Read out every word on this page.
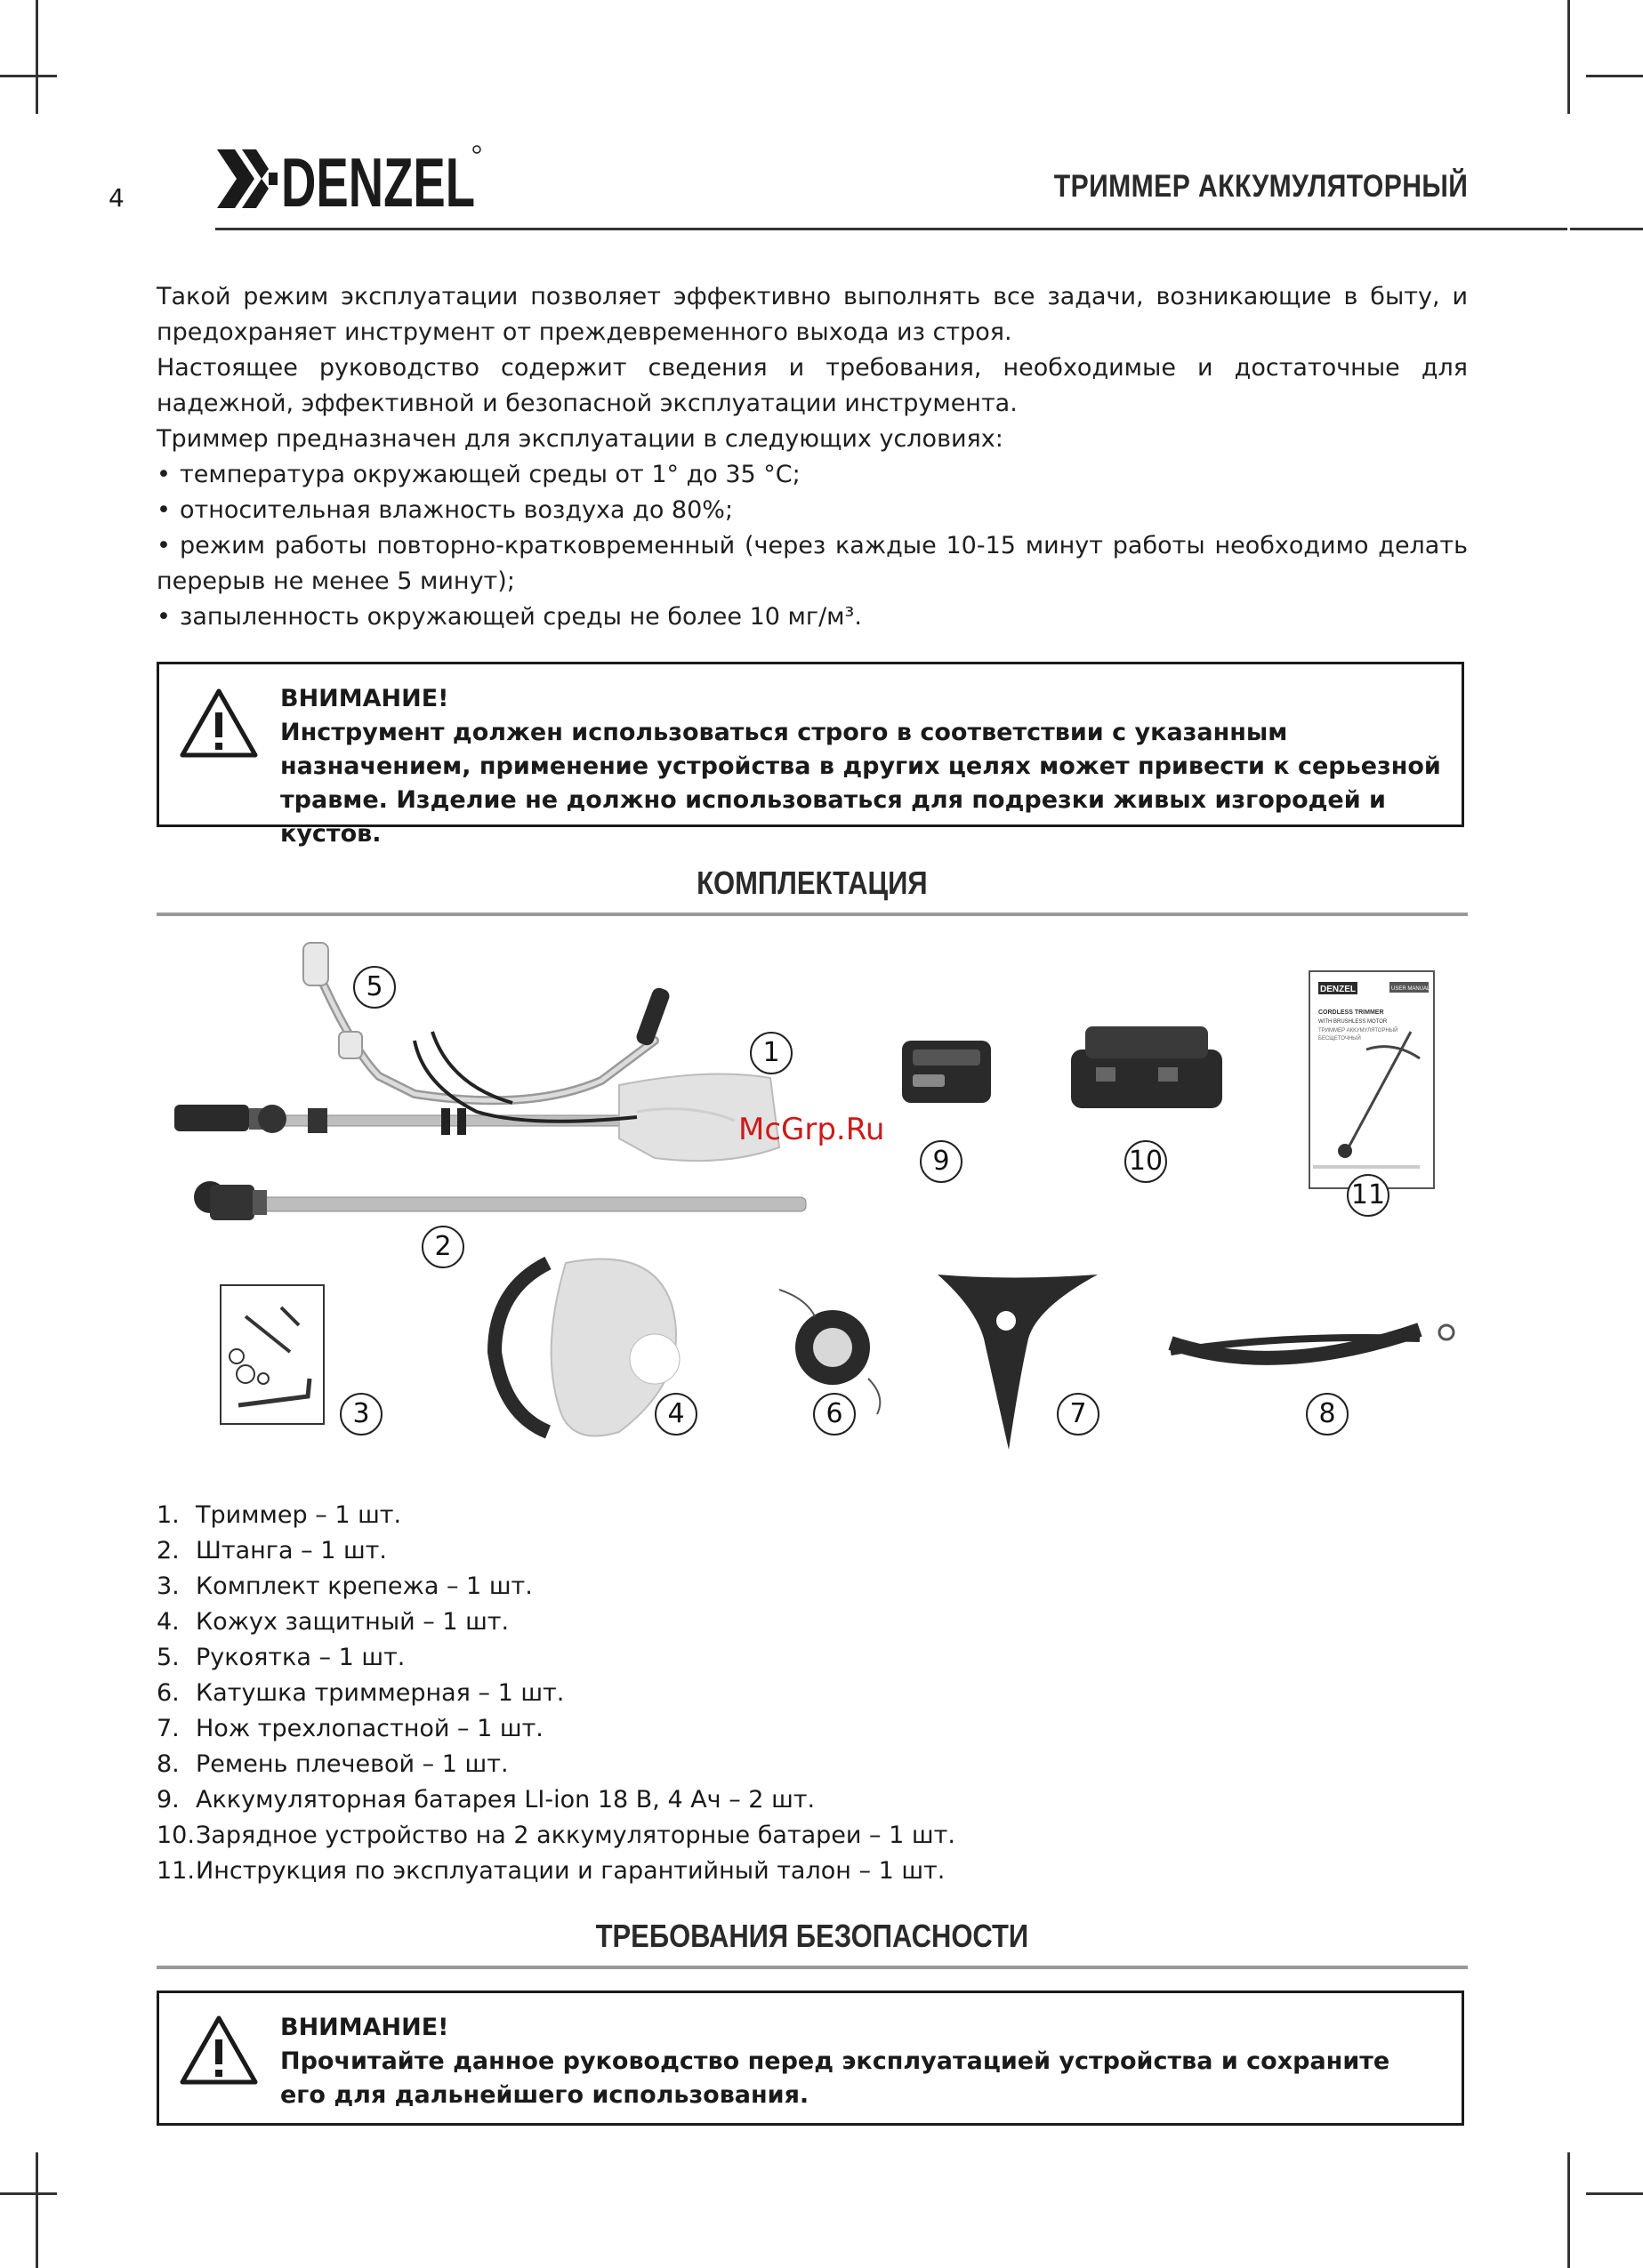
4 DENZEL	ТРИММЕР АККУМУЛЯТОРНЫЙ

Такой режим эксплуатации позволяет эффективно выполнять все задачи, возникающие в быту, и предохраняет инструмент от преждевременного выхода из строя.

Настоящее руководство содержит сведения и требования, необходимые и достаточные для надежной, эффективной и безопасной эксплуатации инструмента.

Триммер предназначен для эксплуатации в следующих условиях:

• температура окружающей среды от 1° до 35 °С;

• относительная влажность воздуха до 80%;

• режим работы повторно-кратковременный (через каждые 10-15 минут работы необходимо делать перерыв не менее 5 минут);

• запыленность окружающей среды не более 10 мг/м³.

ВНИМАНИЕ!
Инструмент должен использоваться строго в соответствии с указанным назначением, применение устройства в других целях может привести к серьезной травме. Изделие не должно использоваться для подрезки живых изгородей и кустов.
КОМПЛЕКТАЦИЯ
DENZEL	USER MANUAL
CORDLESS TRIMMER
WITH BRUSHLESS MOTOR
ТРИММЕР АККУМУЛЯТОРНЫЙ
БЕСЩЕТОЧНЫЙ
5
1
9	10
11
2
3	4	6	7	8
McGrp.Ru
1. Триммер – 1 шт.
2. Штанга – 1 шт.
3. Комплект крепежа – 1 шт.
4. Кожух защитный – 1 шт.
5. Рукоятка – 1 шт.
6. Катушка триммерная – 1 шт.
7. Нож трехлопастной – 1 шт.
8. Ремень плечевой – 1 шт.
9. Аккумуляторная батарея LI-ion 18 В, 4 Ач – 2 шт.
10.Зарядное устройство на 2 аккумуляторные батареи – 1 шт.
11.Инструкция по эксплуатации и гарантийный талон – 1 шт.
ТРЕБОВАНИЯ БЕЗОПАСНОСТИ
ВНИМАНИЕ!
Прочитайте данное руководство перед эксплуатацией устройства и сохраните его для дальнейшего использования.
